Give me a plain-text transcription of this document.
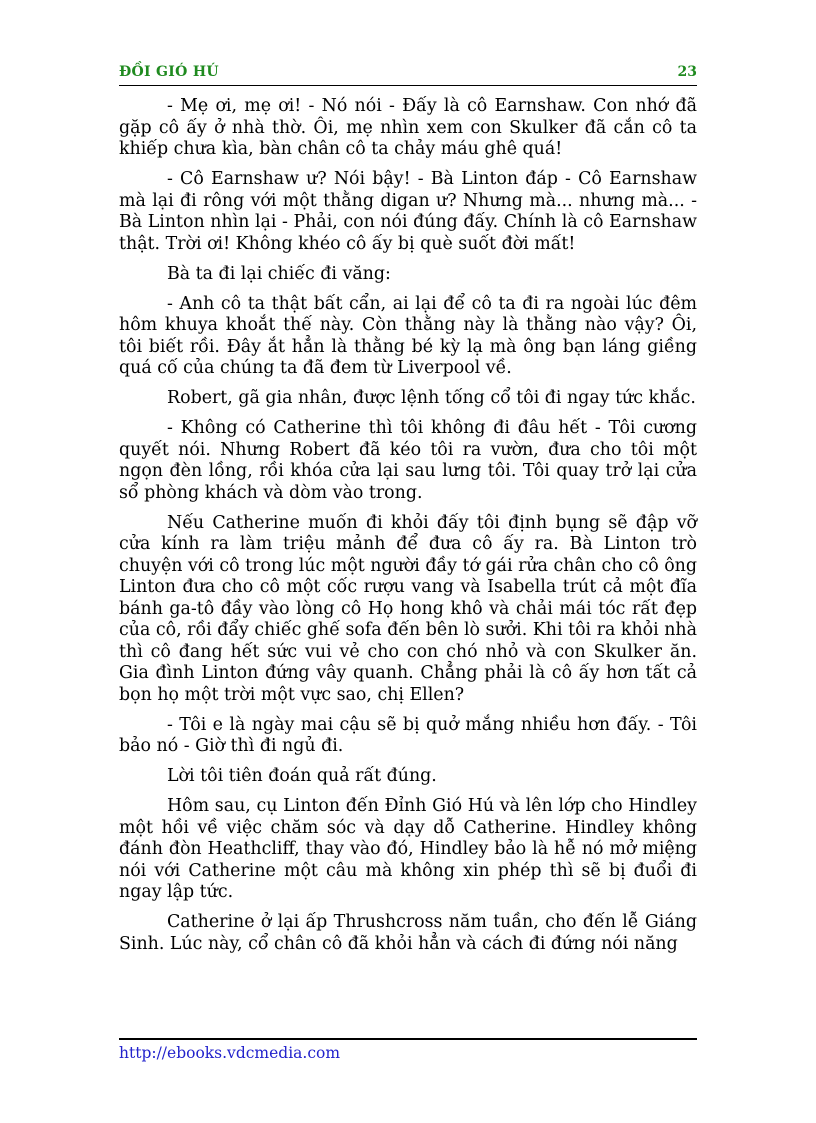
ĐỒI GIÓ HÚ	23

- Mẹ ơi, mẹ ơi! - Nó nói - Đấy là cô Earnshaw. Con nhớ đã gặp cô ấy ở nhà thờ. Ôi, mẹ nhìn xem con Skulker đã cắn cô ta khiếp chưa kìa, bàn chân cô ta chảy máu ghê quá!

- Cô Earnshaw ư? Nói bậy! - Bà Linton đáp - Cô Earnshaw mà lại đi rông với một thằng digan ư? Nhưng mà... nhưng mà... - Bà Linton nhìn lại - Phải, con nói đúng đấy. Chính là cô Earnshaw thật. Trời ơi! Không khéo cô ấy bị què suốt đời mất!

Bà ta đi lại chiếc đi văng:

- Anh cô ta thật bất cẩn, ai lại để cô ta đi ra ngoài lúc đêm hôm khuya khoắt thế này. Còn thằng này là thằng nào vậy? Ôi, tôi biết rồi. Đây ắt hẳn là thằng bé kỳ lạ mà ông bạn láng giềng quá cố của chúng ta đã đem từ Liverpool về.

Robert, gã gia nhân, được lệnh tống cổ tôi đi ngay tức khắc.

- Không có Catherine thì tôi không đi đâu hết - Tôi cương quyết nói. Nhưng Robert đã kéo tôi ra vườn, đưa cho tôi một ngọn đèn lồng, rồi khóa cửa lại sau lưng tôi. Tôi quay trở lại cửa sổ phòng khách và dòm vào trong.

Nếu Catherine muốn đi khỏi đấy tôi định bụng sẽ đập vỡ cửa kính ra làm triệu mảnh để đưa cô ấy ra. Bà Linton trò chuyện với cô trong lúc một người đầy tớ gái rửa chân cho cô ông Linton đưa cho cô một cốc rượu vang và Isabella trút cả một đĩa bánh ga-tô đầy vào lòng cô Họ hong khô và chải mái tóc rất đẹp của cô, rồi đẩy chiếc ghế sofa đến bên lò sưởi. Khi tôi ra khỏi nhà thì cô đang hết sức vui vẻ cho con chó nhỏ và con Skulker ăn. Gia đình Linton đứng vây quanh. Chẳng phải là cô ấy hơn tất cả bọn họ một trời một vực sao, chị Ellen?

- Tôi e là ngày mai cậu sẽ bị quở mắng nhiều hơn đấy. - Tôi bảo nó - Giờ thì đi ngủ đi.

Lời tôi tiên đoán quả rất đúng.

Hôm sau, cụ Linton đến Đỉnh Gió Hú và lên lớp cho Hindley một hồi về việc chăm sóc và dạy dỗ Catherine. Hindley không đánh đòn Heathcliff, thay vào đó, Hindley bảo là hễ nó mở miệng nói với Catherine một câu mà không xin phép thì sẽ bị đuổi đi ngay lập tức.

Catherine ở lại ấp Thrushcross năm tuần, cho đến lễ Giáng Sinh. Lúc này, cổ chân cô đã khỏi hẳn và cách đi đứng nói năng

http://ebooks.vdcmedia.com
